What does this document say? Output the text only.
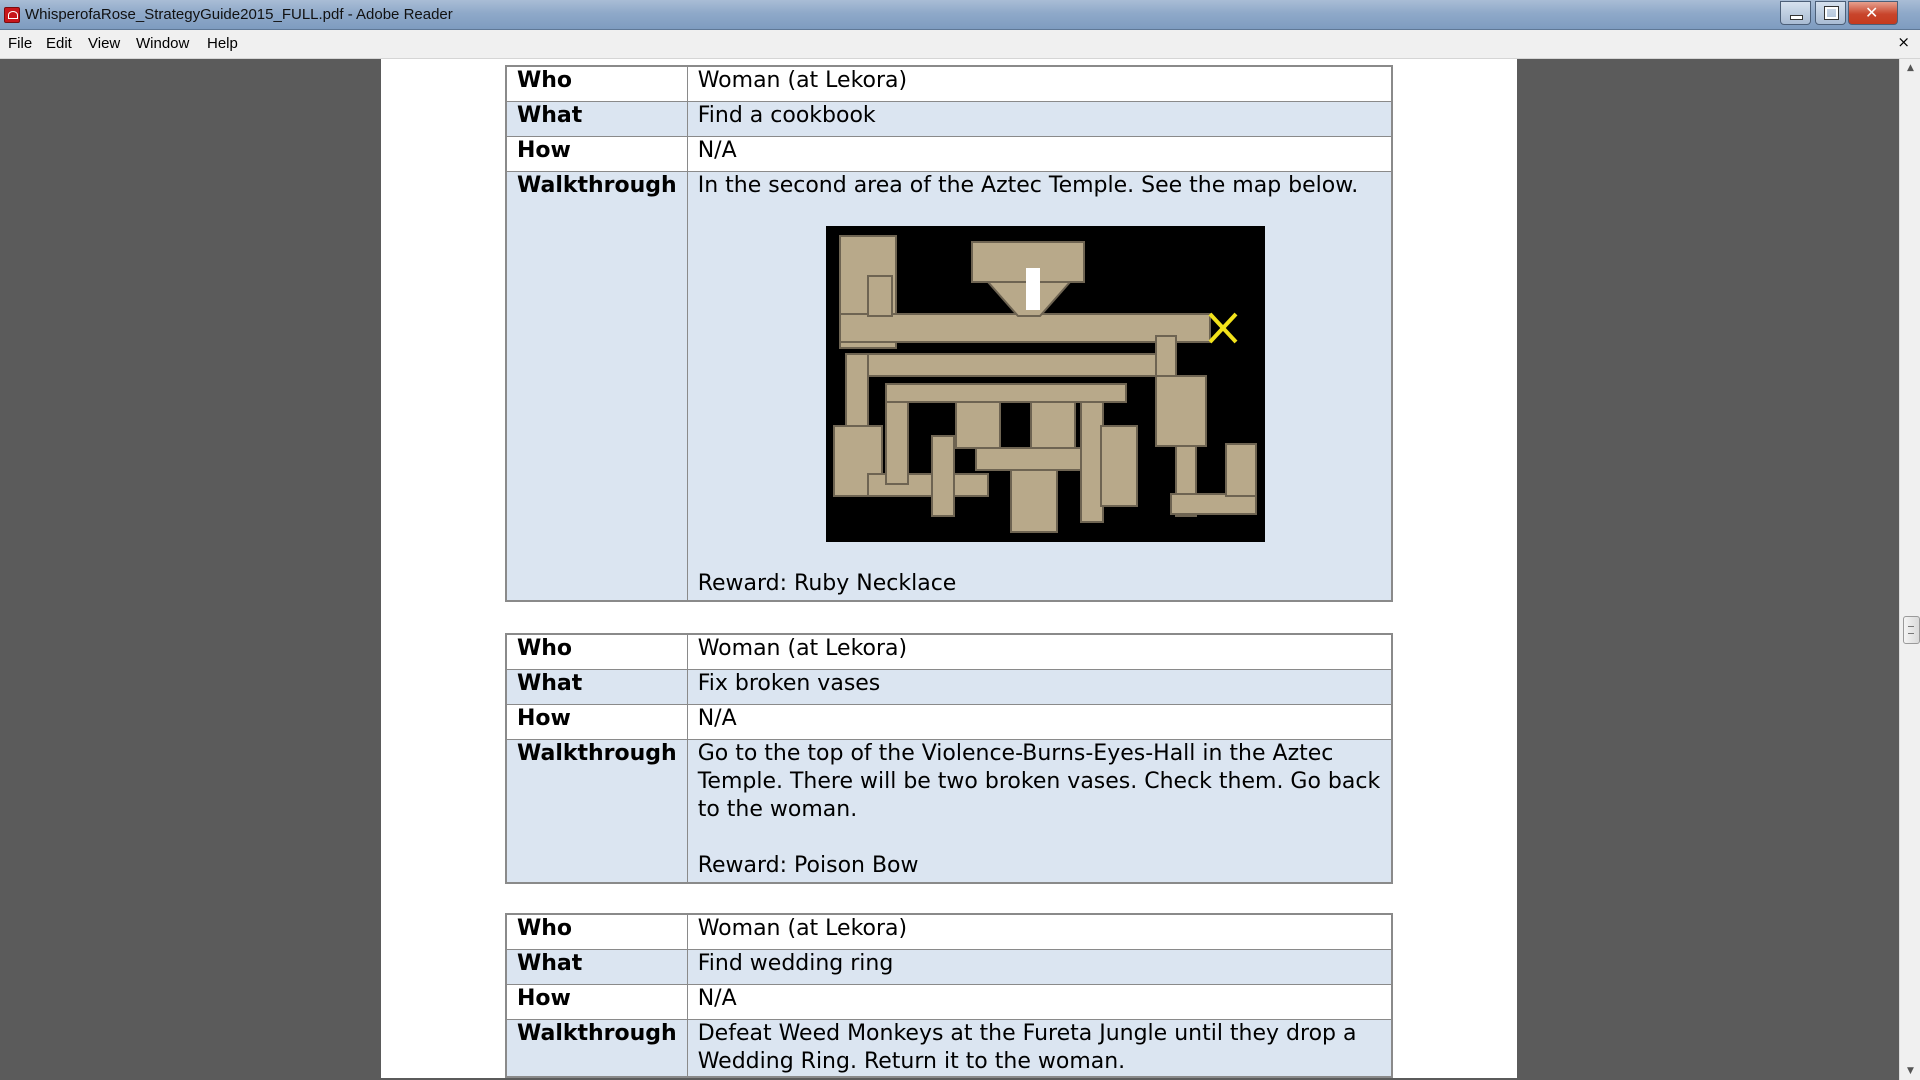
WhisperofaRose_StrategyGuide2015_FULL.pdf - Adobe Reader
✕
File Edit View Window Help	×
Who	Woman (at Lekora)
What	Find a cookbook
How	N/A
Walkthrough	In the second area of the Aztec Temple. See the map below.
Reward: Ruby Necklace
Who	Woman (at Lekora)
What	Fix broken vases
How	N/A
Walkthrough	Go to the top of the Violence-Burns-Eyes-Hall in the Aztec Temple. There will be two broken vases. Check them. Go back to the woman.
Reward: Poison Bow
Who	Woman (at Lekora)
What	Find wedding ring
How	N/A
Walkthrough	Defeat Weed Monkeys at the Fureta Jungle until they drop a Wedding Ring. Return it to the woman.
▲
▼
